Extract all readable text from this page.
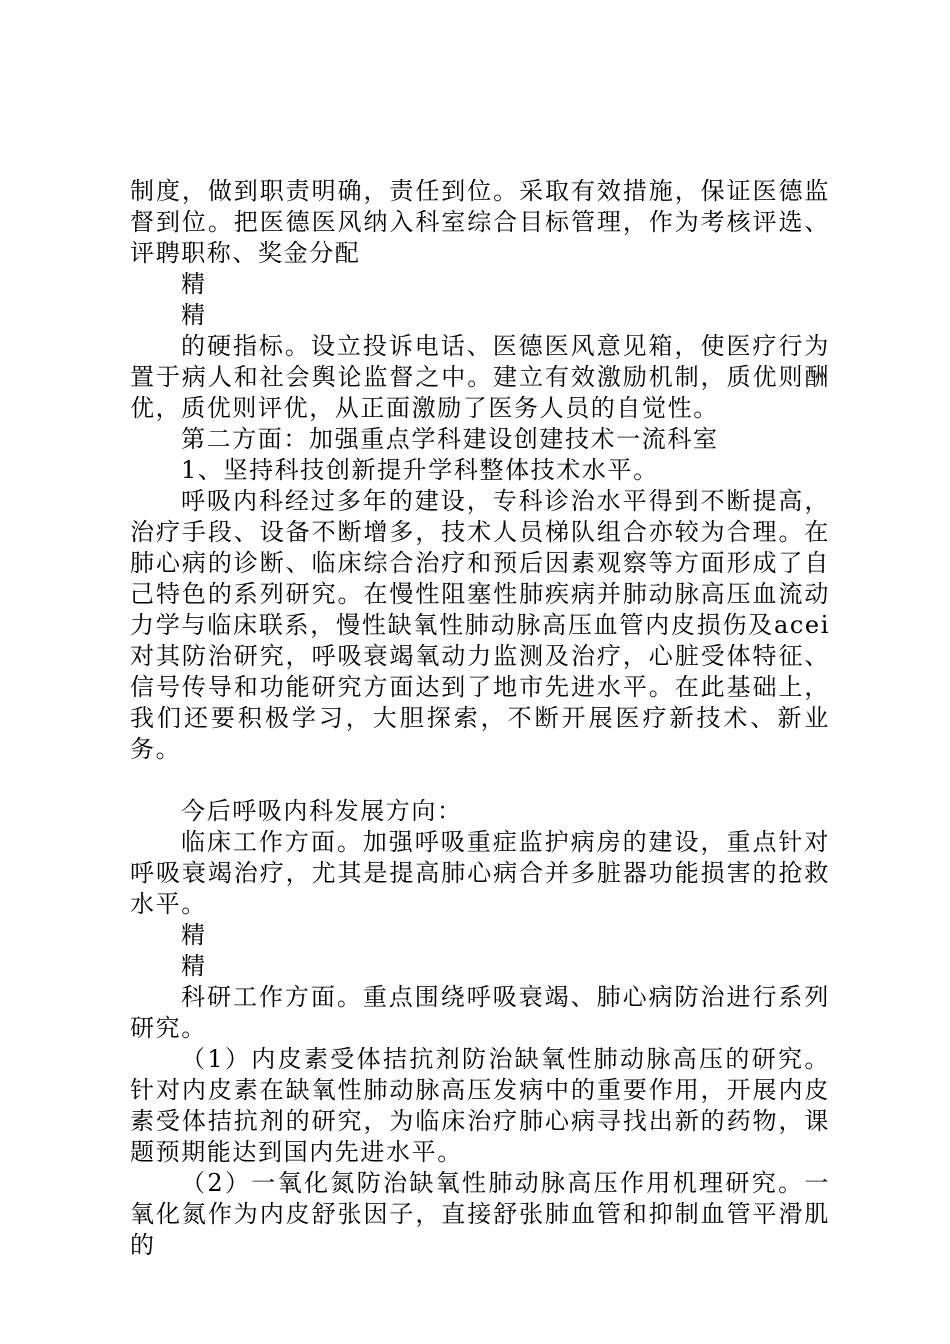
制度，做到职责明确，责任到位。采取有效措施，保证医德监督到位。把医德医风纳入科室综合目标管理，作为考核评选、评聘职称、奖金分配

精

精

的硬指标。设立投诉电话、医德医风意见箱，使医疗行为置于病人和社会舆论监督之中。建立有效激励机制，质优则酬优，质优则评优，从正面激励了医务人员的自觉性。

第二方面：加强重点学科建设创建技术一流科室

1、坚持科技创新提升学科整体技术水平。

呼吸内科经过多年的建设，专科诊治水平得到不断提高，治疗手段、设备不断增多，技术人员梯队组合亦较为合理。在肺心病的诊断、临床综合治疗和预后因素观察等方面形成了自己特色的系列研究。在慢性阻塞性肺疾病并肺动脉高压血流动力学与临床联系，慢性缺氧性肺动脉高压血管内皮损伤及acei对其防治研究，呼吸衰竭氧动力监测及治疗，心脏受体特征、信号传导和功能研究方面达到了地市先进水平。在此基础上，我们还要积极学习，大胆探索，不断开展医疗新技术、新业务。

今后呼吸内科发展方向：

临床工作方面。加强呼吸重症监护病房的建设，重点针对呼吸衰竭治疗，尤其是提高肺心病合并多脏器功能损害的抢救水平。

精

精

科研工作方面。重点围绕呼吸衰竭、肺心病防治进行系列研究。

（1）内皮素受体拮抗剂防治缺氧性肺动脉高压的研究。针对内皮素在缺氧性肺动脉高压发病中的重要作用，开展内皮素受体拮抗剂的研究，为临床治疗肺心病寻找出新的药物，课题预期能达到国内先进水平。

（2）一氧化氮防治缺氧性肺动脉高压作用机理研究。一氧化氮作为内皮舒张因子，直接舒张肺血管和抑制血管平滑肌的
